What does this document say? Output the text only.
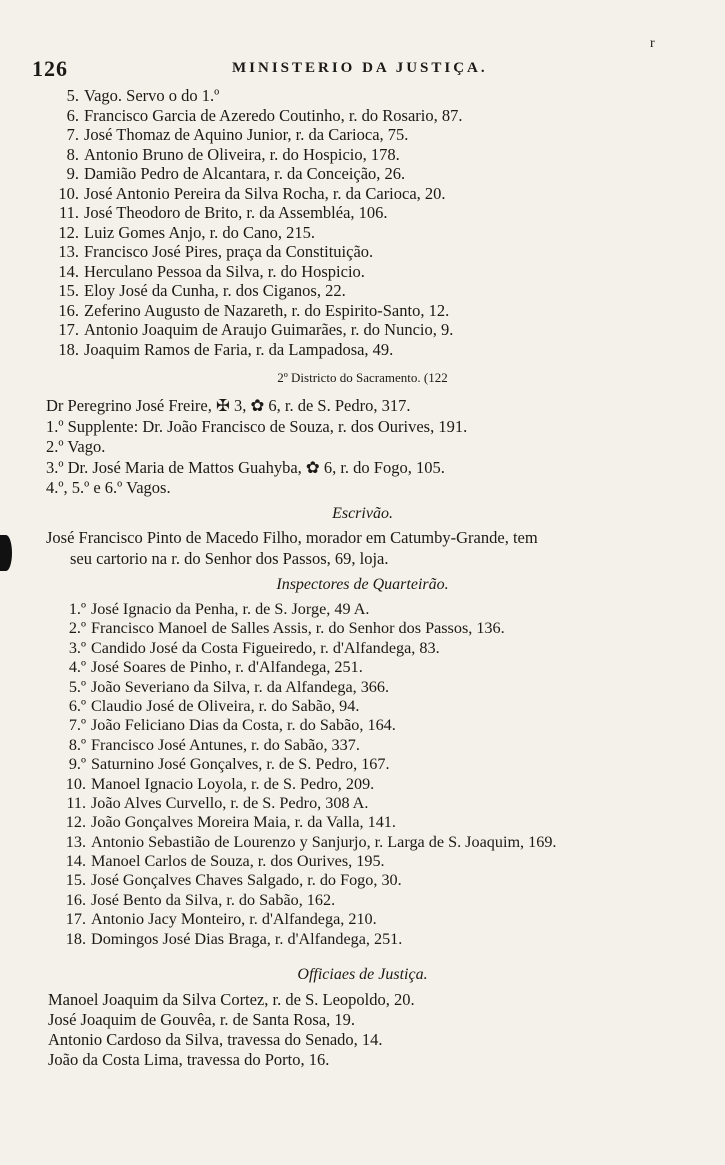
126	MINISTERIO DA JUSTIÇA.
r
5. Vago. Servo o do 1.º
6. Francisco Garcia de Azeredo Coutinho, r. do Rosario, 87.
7. José Thomaz de Aquino Junior, r. da Carioca, 75.
8. Antonio Bruno de Oliveira, r. do Hospicio, 178.
9. Damião Pedro de Alcantara, r. da Conceição, 26.
10. José Antonio Pereira da Silva Rocha, r. da Carioca, 20.
11. José Theodoro de Brito, r. da Assembléa, 106.
12. Luiz Gomes Anjo, r. do Cano, 215.
13. Francisco José Pires, praça da Constituição.
14. Herculano Pessoa da Silva, r. do Hospicio.
15. Eloy José da Cunha, r. dos Ciganos, 22.
16. Zeferino Augusto de Nazareth, r. do Espirito-Santo, 12.
17. Antonio Joaquim de Araujo Guimarães, r. do Nuncio, 9.
18. Joaquim Ramos de Faria, r. da Lampadosa, 49.
2º Districto do Sacramento. (122
Dr Peregrino José Freire, ✠ 3, ✿ 6, r. de S. Pedro, 317.
1.º Supplente: Dr. João Francisco de Souza, r. dos Ourives, 191.
2.º Vago.
3.º Dr. José Maria de Mattos Guahyba, ✿ 6, r. do Fogo, 105.
4.º, 5.º e 6.º Vagos.
Escrivão.
José Francisco Pinto de Macedo Filho, morador em Catumby-Grande, tem
seu cartorio na r. do Senhor dos Passos, 69, loja.
Inspectores de Quarteirão.
1.º José Ignacio da Penha, r. de S. Jorge, 49 A.
2.º Francisco Manoel de Salles Assis, r. do Senhor dos Passos, 136.
3.º Candido José da Costa Figueiredo, r. d'Alfandega, 83.
4.º José Soares de Pinho, r. d'Alfandega, 251.
5.º João Severiano da Silva, r. da Alfandega, 366.
6.º Claudio José de Oliveira, r. do Sabão, 94.
7.º João Feliciano Dias da Costa, r. do Sabão, 164.
8.º Francisco José Antunes, r. do Sabão, 337.
9.º Saturnino José Gonçalves, r. de S. Pedro, 167.
10. Manoel Ignacio Loyola, r. de S. Pedro, 209.
11. João Alves Curvello, r. de S. Pedro, 308 A.
12. João Gonçalves Moreira Maia, r. da Valla, 141.
13. Antonio Sebastião de Lourenzo y Sanjurjo, r. Larga de S. Joaquim, 169.
14. Manoel Carlos de Souza, r. dos Ourives, 195.
15. José Gonçalves Chaves Salgado, r. do Fogo, 30.
16. José Bento da Silva, r. do Sabão, 162.
17. Antonio Jacy Monteiro, r. d'Alfandega, 210.
18. Domingos José Dias Braga, r. d'Alfandega, 251.
Officiaes de Justiça.
Manoel Joaquim da Silva Cortez, r. de S. Leopoldo, 20.
José Joaquim de Gouvêa, r. de Santa Rosa, 19.
Antonio Cardoso da Silva, travessa do Senado, 14.
João da Costa Lima, travessa do Porto, 16.
